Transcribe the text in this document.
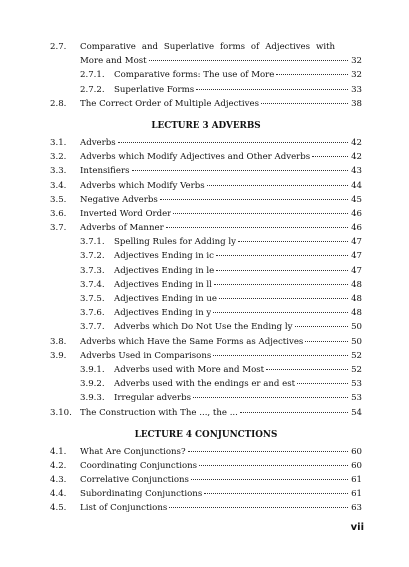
2.7.	Comparative and Superlative forms of Adjectives with
More and Most	32
2.7.1.	Comparative forms: The use of More	32
2.7.2.	Superlative Forms	33
2.8.	The Correct Order of Multiple Adjectives	38
LECTURE 3 ADVERBS
3.1.	Adverbs	42
3.2.	Adverbs which Modify Adjectives and Other Adverbs	42
3.3.	Intensifiers	43
3.4.	Adverbs which Modify Verbs	44
3.5.	Negative Adverbs	45
3.6.	Inverted Word Order	46
3.7.	Adverbs of Manner	46
3.7.1.	Spelling Rules for Adding ly	47
3.7.2.	Adjectives Ending in ic	47
3.7.3.	Adjectives Ending in le	47
3.7.4.	Adjectives Ending in ll	48
3.7.5.	Adjectives Ending in ue	48
3.7.6.	Adjectives Ending in y	48
3.7.7.	Adverbs which Do Not Use the Ending ly	50
3.8.	Adverbs which Have the Same Forms as Adjectives	50
3.9.	Adverbs Used in Comparisons	52
3.9.1.	Adverbs used with More and Most	52
3.9.2.	Adverbs used with the endings er and est	53
3.9.3.	Irregular adverbs	53
3.10. The Construction with The ..., the ...	54
LECTURE 4 CONJUNCTIONS
4.1.	What Are Conjunctions?	60
4.2.	Coordinating Conjunctions	60
4.3.	Correlative Conjunctions	61
4.4.	Subordinating Conjunctions	61
4.5.	List of Conjunctions	63
vii
